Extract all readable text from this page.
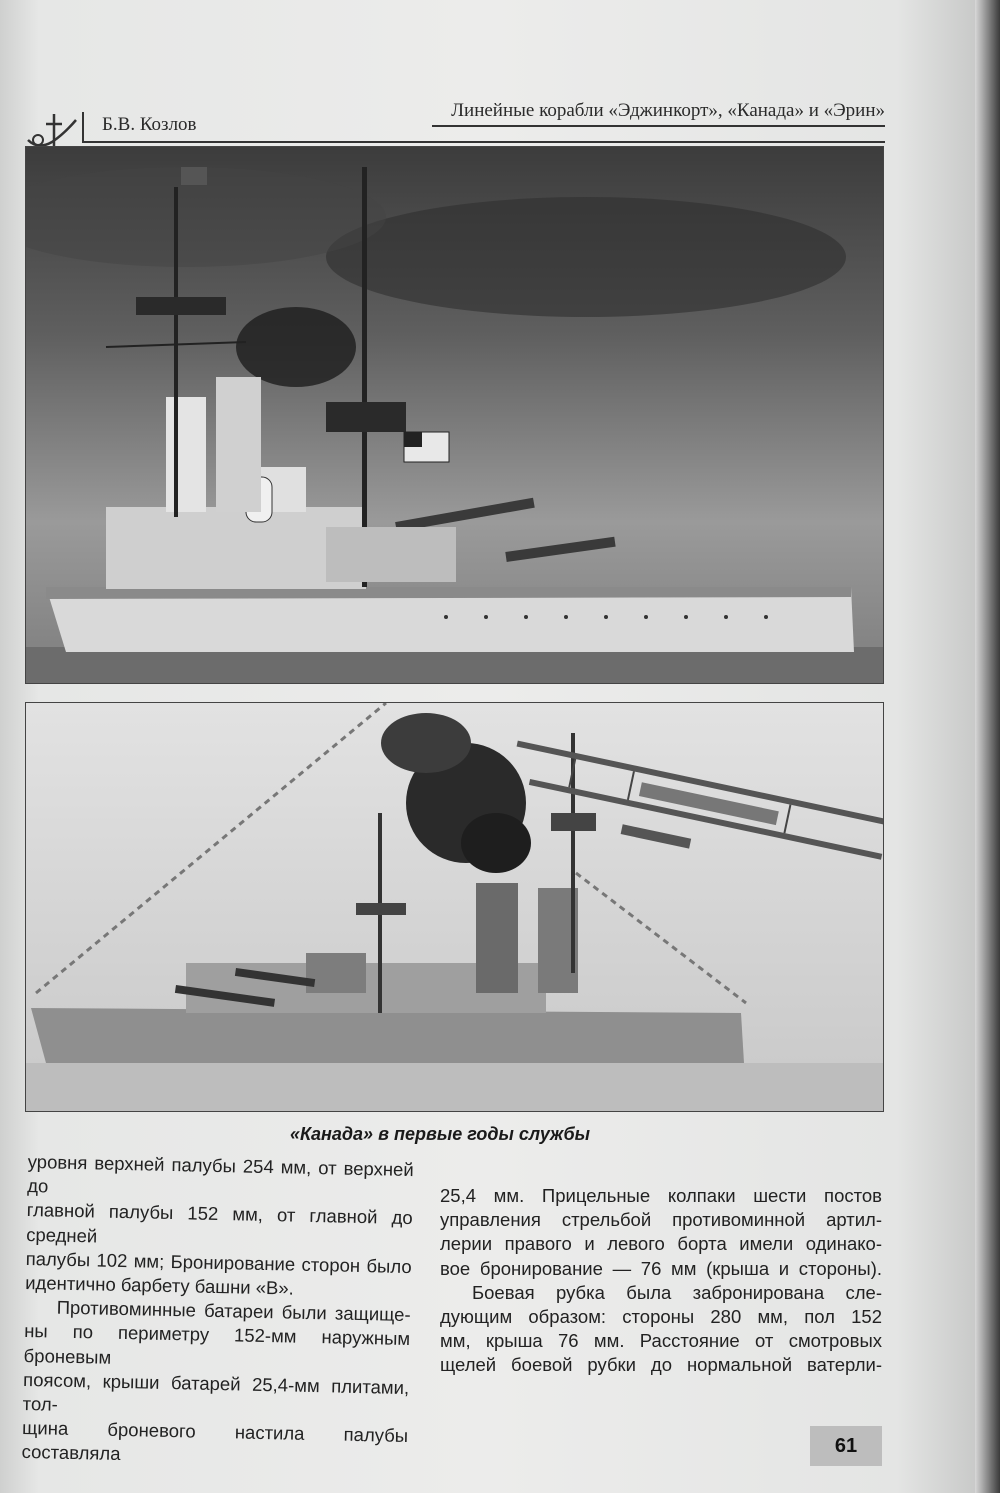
Б.В. Козлов
Линейные корабли «Эджинкорт», «Канада» и «Эрин»
«Канада» в первые годы службы

уровня верхней палубы 254 мм, от верхней до

главной палубы 152 мм, от главной до средней

палубы 102 мм; Бронирование сторон было

идентично барбету башни «В».

Противоминные батареи были защище-

ны по периметру 152-мм наружным броневым

поясом, крыши батарей 25,4-мм плитами, тол-

щина броневого настила палубы составляла

25,4 мм. Прицельные колпаки шести постов

управления стрельбой противоминной артил-

лерии правого и левого борта имели одинако-

вое бронирование — 76 мм (крыша и стороны).

Боевая рубка была забронирована сле-

дующим образом: стороны 280 мм, пол 152

мм, крыша 76 мм. Расстояние от смотровых

щелей боевой рубки до нормальной ватерли-

61
